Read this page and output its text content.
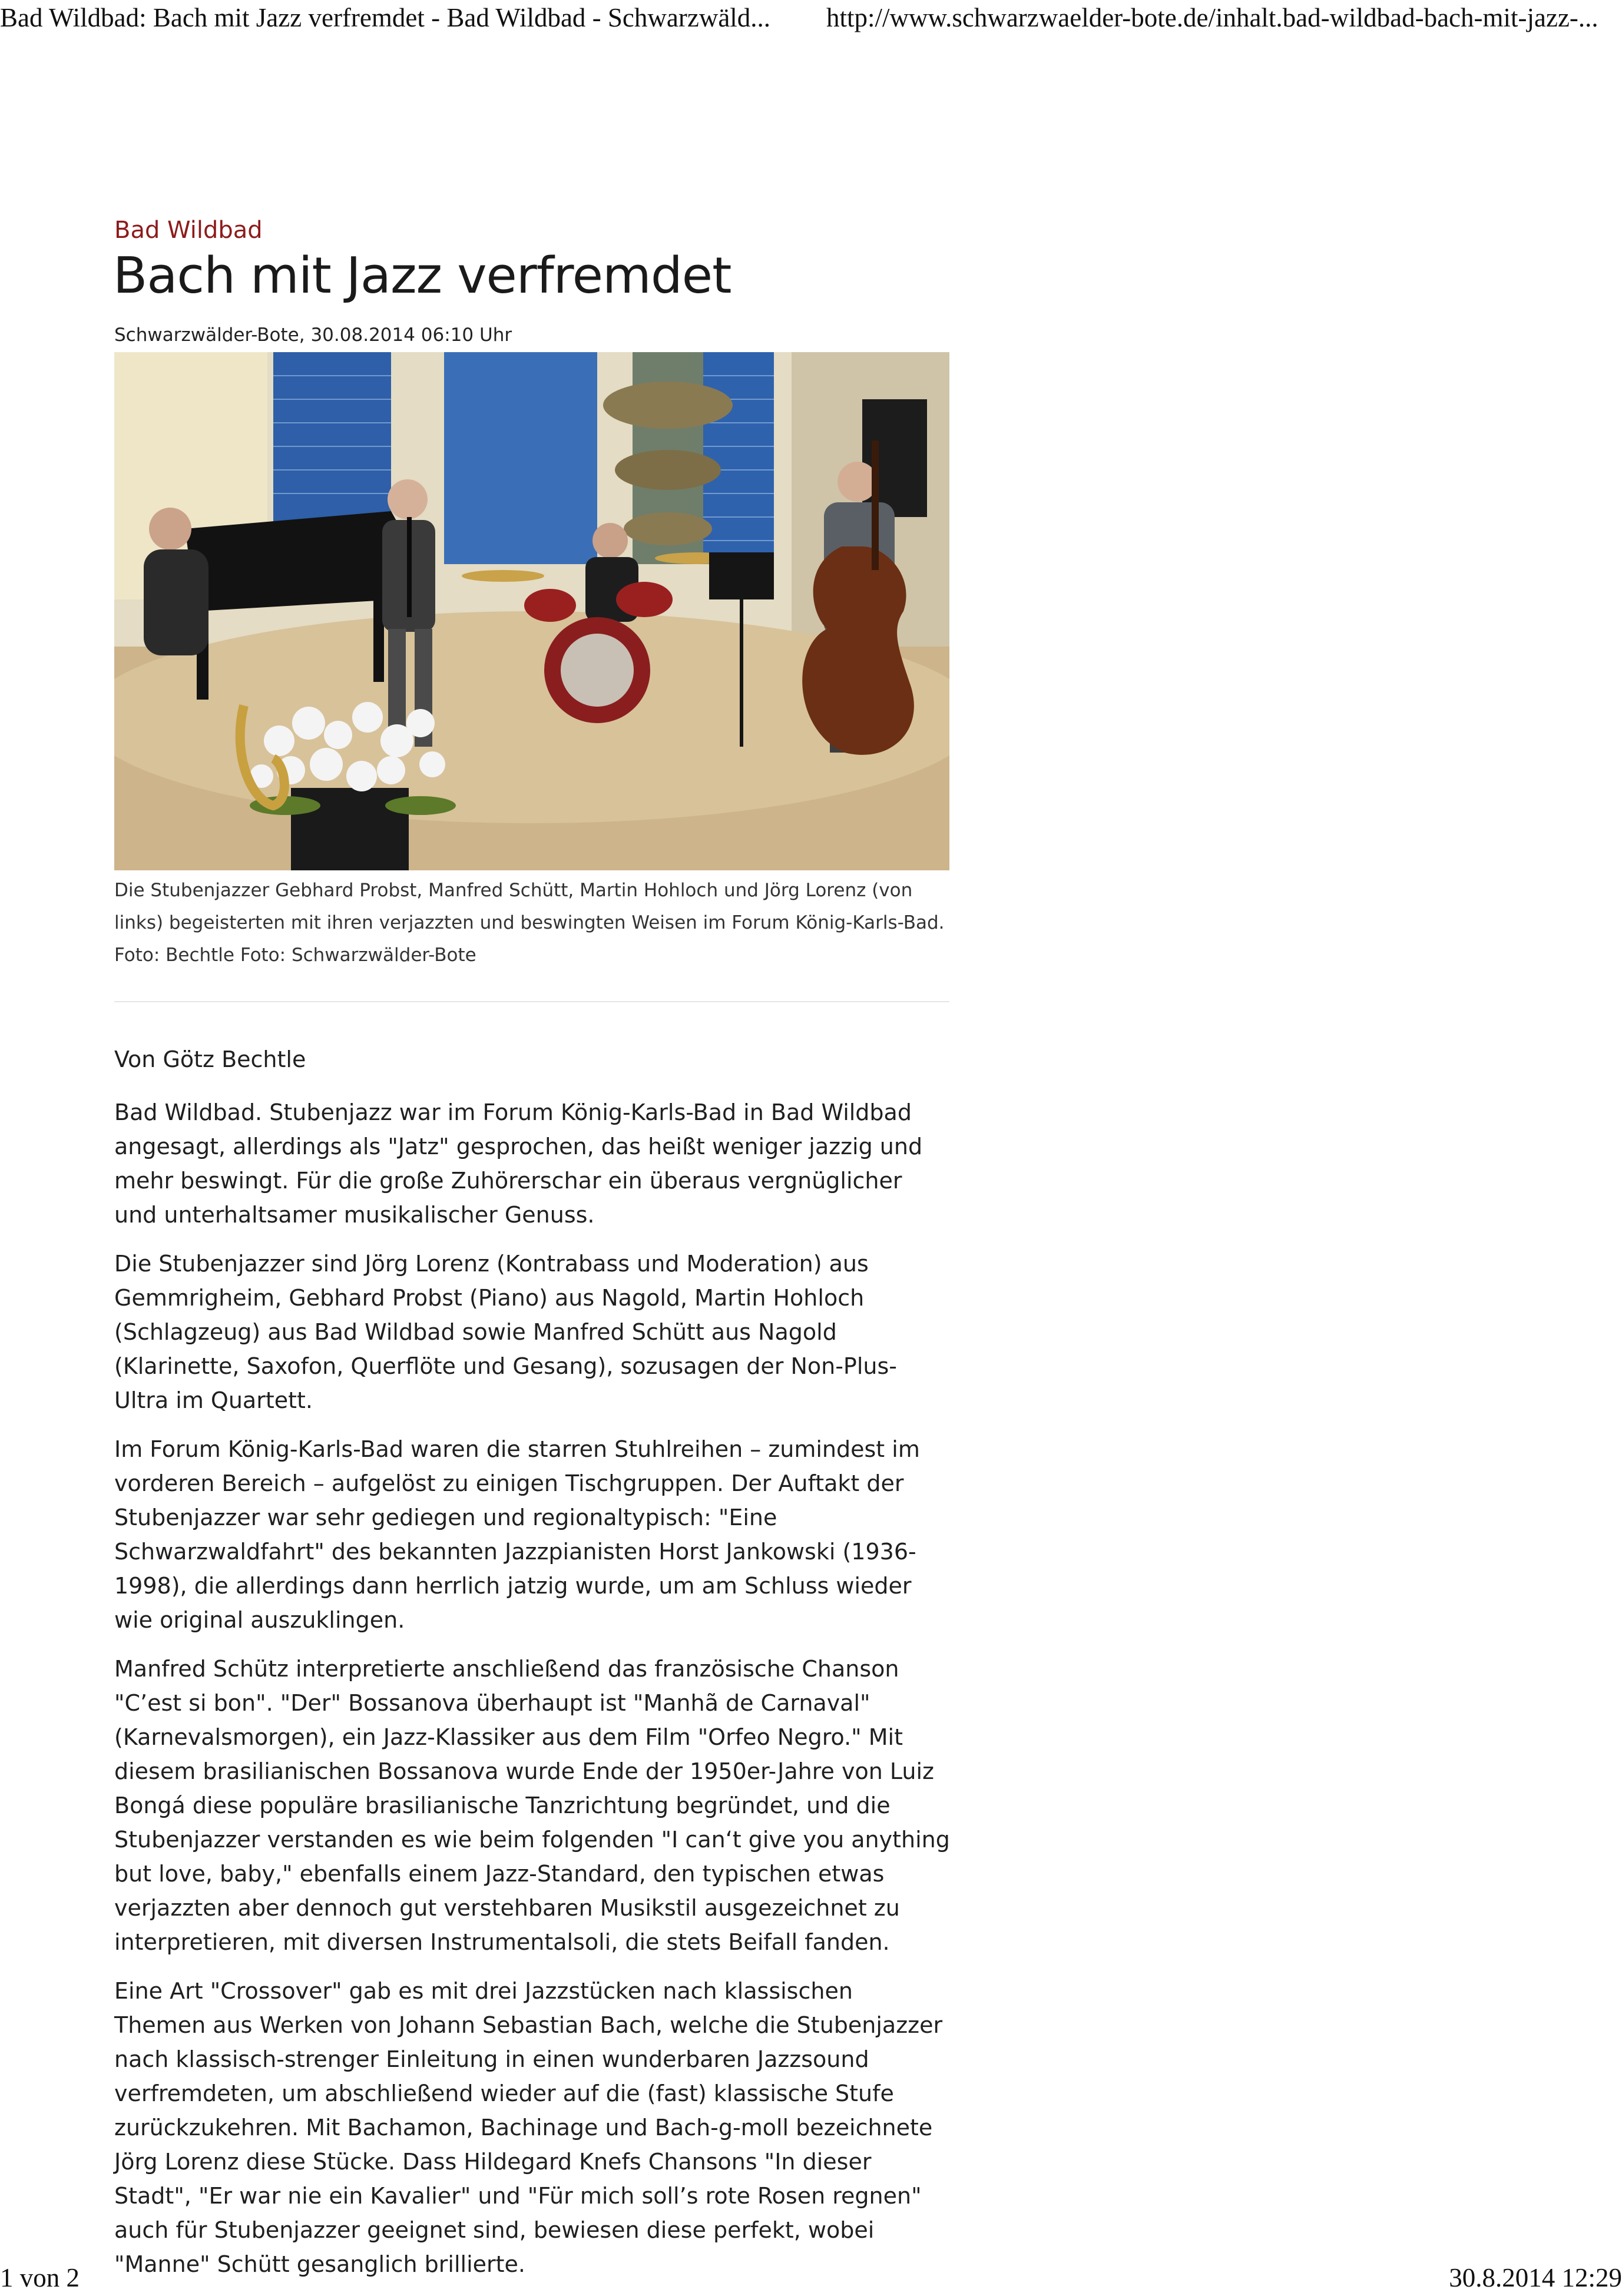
Bad Wildbad: Bach mit Jazz verfremdet - Bad Wildbad - Schwarzwäld... http://www.schwarzwaelder-bote.de/inhalt.bad-wildbad-bach-mit-jazz-...
Bad Wildbad
Bach mit Jazz verfremdet
Schwarzwälder-Bote, 30.08.2014 06:10 Uhr
Die Stubenjazzer Gebhard Probst, Manfred Schütt, Martin Hohloch und Jörg Lorenz (von links) begeisterten mit ihren verjazzten und beswingten Weisen im Forum König-Karls-Bad. Foto: Bechtle Foto: Schwarzwälder-Bote

Von Götz Bechtle

Bad Wildbad. Stubenjazz war im Forum König-Karls-Bad in Bad Wildbad angesagt, allerdings als "Jatz" gesprochen, das heißt weniger jazzig und mehr beswingt. Für die große Zuhörerschar ein überaus vergnüglicher und unterhaltsamer musikalischer Genuss.

Die Stubenjazzer sind Jörg Lorenz (Kontrabass und Moderation) aus Gemmrigheim, Gebhard Probst (Piano) aus Nagold, Martin Hohloch (Schlagzeug) aus Bad Wildbad sowie Manfred Schütt aus Nagold (Klarinette, Saxofon, Querflöte und Gesang), sozusagen der Non-Plus-Ultra im Quartett.

Im Forum König-Karls-Bad waren die starren Stuhlreihen – zumindest im vorderen Bereich – aufgelöst zu einigen Tischgruppen. Der Auftakt der Stubenjazzer war sehr gediegen und regionaltypisch: "Eine Schwarzwaldfahrt" des bekannten Jazzpianisten Horst Jankowski (1936-1998), die allerdings dann herrlich jatzig wurde, um am Schluss wieder wie original auszuklingen.

Manfred Schütz interpretierte anschließend das französische Chanson "C’est si bon". "Der" Bossanova überhaupt ist "Manhã de Carnaval" (Karnevalsmorgen), ein Jazz-Klassiker aus dem Film "Orfeo Negro." Mit diesem brasilianischen Bossanova wurde Ende der 1950er-Jahre von Luiz Bongá diese populäre brasilianische Tanzrichtung begründet, und die Stubenjazzer verstanden es wie beim folgenden "I can‘t give you anything but love, baby," ebenfalls einem Jazz-Standard, den typischen etwas verjazzten aber dennoch gut verstehbaren Musikstil ausgezeichnet zu interpretieren, mit diversen Instrumentalsoli, die stets Beifall fanden.

Eine Art "Crossover" gab es mit drei Jazzstücken nach klassischen Themen aus Werken von Johann Sebastian Bach, welche die Stubenjazzer nach klassisch-strenger Einleitung in einen wunderbaren Jazzsound verfremdeten, um abschließend wieder auf die (fast) klassische Stufe zurückzukehren. Mit Bachamon, Bachinage und Bach-g-moll bezeichnete Jörg Lorenz diese Stücke. Dass Hildegard Knefs Chansons "In dieser Stadt", "Er war nie ein Kavalier" und "Für mich soll’s rote Rosen regnen" auch für Stubenjazzer geeignet sind, bewiesen diese perfekt, wobei "Manne" Schütt gesanglich brillierte.

1 von 2	30.8.2014 12:29
